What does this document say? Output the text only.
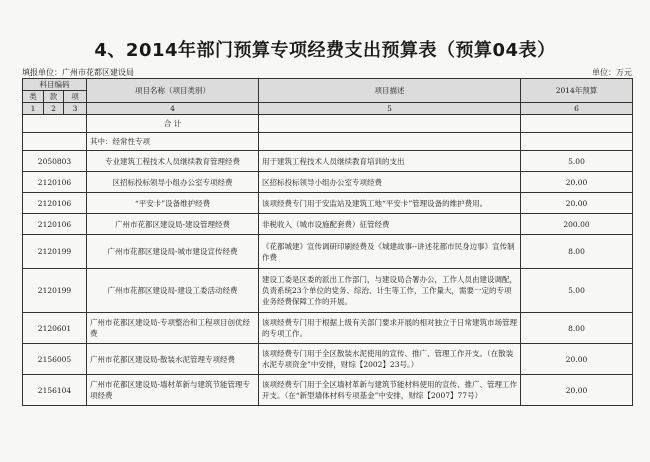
4、2014年部门预算专项经费支出预算表（预算04表）
填报单位：广州市花都区建设局	单位：万元
科目编码			项目名称（项目类别）	项目描述	2014年预算
类	款	项			
1	2	3	4	5	6
			合 计		
			其中：经常性专项		
2050803			专业建筑工程技术人员继续教育管理经费	用于建筑工程技术人员继续教育培训的支出	5.00
2120106			区招标投标领导小组办公室专项经费	区招标投标领导小组办公室专项经费	20.00
2120106			“平安卡”设备维护经费	该项经费专门用于安监站及建筑工地“平安卡”管理设备的维护费用。	20.00
2120106			广州市花都区建设局-建设管理经费	非税收入（城市设施配套费）征管经费	200.00
2120199			广州市花都区建设局-城市建设宣传经费	《花都城建》宣传调研印刷经费及《城建故事--讲述花都市民身边事》宣传制作费	8.00
2120199			广州市花都区建设局-建设工委活动经费	建设工委是区委的派出工作部门，与建设局合署办公，工作人员由建设调配，负责系统23个单位的党务、综治、计生等工作，工作量大，需要一定的专项业务经费保障工作的开展。	5.00
2120601			广州市花都区建设局-专项整治和工程项目创优经费	该项经费专门用于根据上级有关部门要求开展的相对独立于日常建筑市场管理的专项工作。	8.00
2156005			广州市花都区建设局-散装水泥管理专项经费	该项经费专门用于全区散装水泥使用的宣传、推广、管理工作开支。（在散装水泥专项资金”中安排，财综【2002】23号。）	20.00
2156104			广州市花都区建设局-墙材革新与建筑节能管理专项经费	该项经费专门用于全区墙材革新与建筑节能材料使用的宣传、推广、管理工作开支。（在“新型墙体材料专项基金”中安排，财综【2007】77号）	20.00
